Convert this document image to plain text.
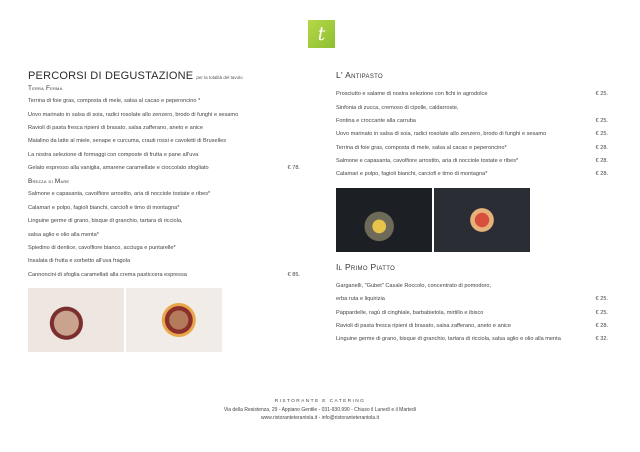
t
PERCORSI DI DEGUSTAZIONE per la totalità del tavolo
Terra Ferma
Terrina di foie gras, composta di mele, salsa al cacao e peperoncino *
Uovo marinato in salsa di soia, radici rosolate allo zenzero, brodo di funghi e sesamo
Ravioli di pasta fresca ripieni di brasato, salsa zafferano, aneto e anice
Maialino da latte al miele, senape e curcuma, crauti rossi e cavoletti di Bruxelles
La nostra selezione di formaggi con composte di frutta e pane all'uva
Gelato espresso alla vaniglia, amarene caramellate e cioccolato sfogliato	€ 78.
Brezza di Mare
Salmone e capasanta, cavolfiore arrostito, aria di nocciole tostate e ribes*
Calamari e polpo, fagioli bianchi, carciofi e timo di montagna*
Linguine germe di grano, bisque di granchio, tartara di ricciola,
salsa aglio e olio alla menta*
Spiedino di dentice, cavolfiore bianco, acciuga e puntarelle*
Insalata di frutta e sorbetto all'uva fragola
Cannoncini di sfoglia caramellati alla crema pasticcera espressa	€ 85.
L' Antipasto
Prosciutto e salame di nostra selezione con fichi in agrodolce	€ 25.
Sinfonia di zucca, cremoso di cipolle, caldarroste,
Fontina e croccante alla carruba	€ 25.
Uovo marinato in salsa di soia, radici rosolate allo zenzero, brodo di funghi e sesamo	€ 25.
Terrina di foie gras, composta di mele, salsa al cacao e peperoncino*	€ 28.
Salmone e capasanta, cavolfiore arrostito, aria di nocciole tostate e ribes*	€ 28.
Calamari e polpo, fagioli bianchi, carciofi e timo di montagna*	€ 28.
Il Primo Piatto
Garganelli, "Gubet" Casale Roccolo, concentrato di pomodoro,
erba ruta e liquirizia	€ 25.
Pappardelle, ragù di cinghiale, barbabietola, mirtillo e ibisco	€ 25.
Ravioli di pasta fresca ripieni di brasato, salsa zafferano, aneto e anice	€ 28.
Linguine germe di grano, bisque di granchio, tartara di ricciola, salsa aglio e olio alla menta	€ 32.
RISTORANTE E CATERING
Via della Resistenza, 29 - Appiano Gentile - 031-930.990 - Chiuso il Lunedì e il Martedì
www.ristoranteterantola.it - info@ristoranteterantola.it
